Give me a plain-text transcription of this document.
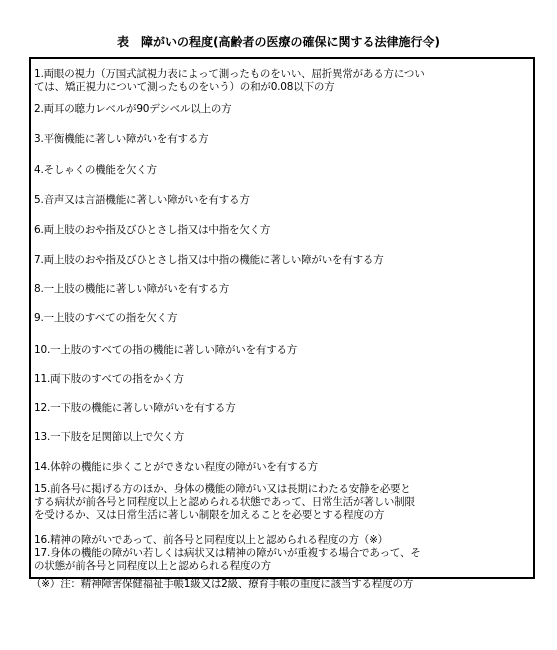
表　障がいの程度(高齢者の医療の確保に関する法律施行令)
1.両眼の視力（万国式試視力表によって測ったものをいい、屈折異常がある方につい
ては、矯正視力について測ったものをいう）の和が0.08以下の方
2.両耳の聴力レベルが90デシベル以上の方
3.平衡機能に著しい障がいを有する方
4.そしゃくの機能を欠く方
5.音声又は言語機能に著しい障がいを有する方
6.両上肢のおや指及びひとさし指又は中指を欠く方
7.両上肢のおや指及びひとさし指又は中指の機能に著しい障がいを有する方
8.一上肢の機能に著しい障がいを有する方
9.一上肢のすべての指を欠く方
10.一上肢のすべての指の機能に著しい障がいを有する方
11.両下肢のすべての指をかく方
12.一下肢の機能に著しい障がいを有する方
13.一下肢を足関節以上で欠く方
14.体幹の機能に歩くことができない程度の障がいを有する方
15.前各号に掲げる方のほか、身体の機能の障がい又は長期にわたる安静を必要と
する病状が前各号と同程度以上と認められる状態であって、日常生活が著しい制限
を受けるか、又は日常生活に著しい制限を加えることを必要とする程度の方
16.精神の障がいであって、前各号と同程度以上と認められる程度の方（※）
17.身体の機能の障がい若しくは病状又は精神の障がいが重複する場合であって、そ
の状態が前各号と同程度以上と認められる程度の方
（※）注：精神障害保健福祉手帳1級又は2級、療育手帳の重度に該当する程度の方
